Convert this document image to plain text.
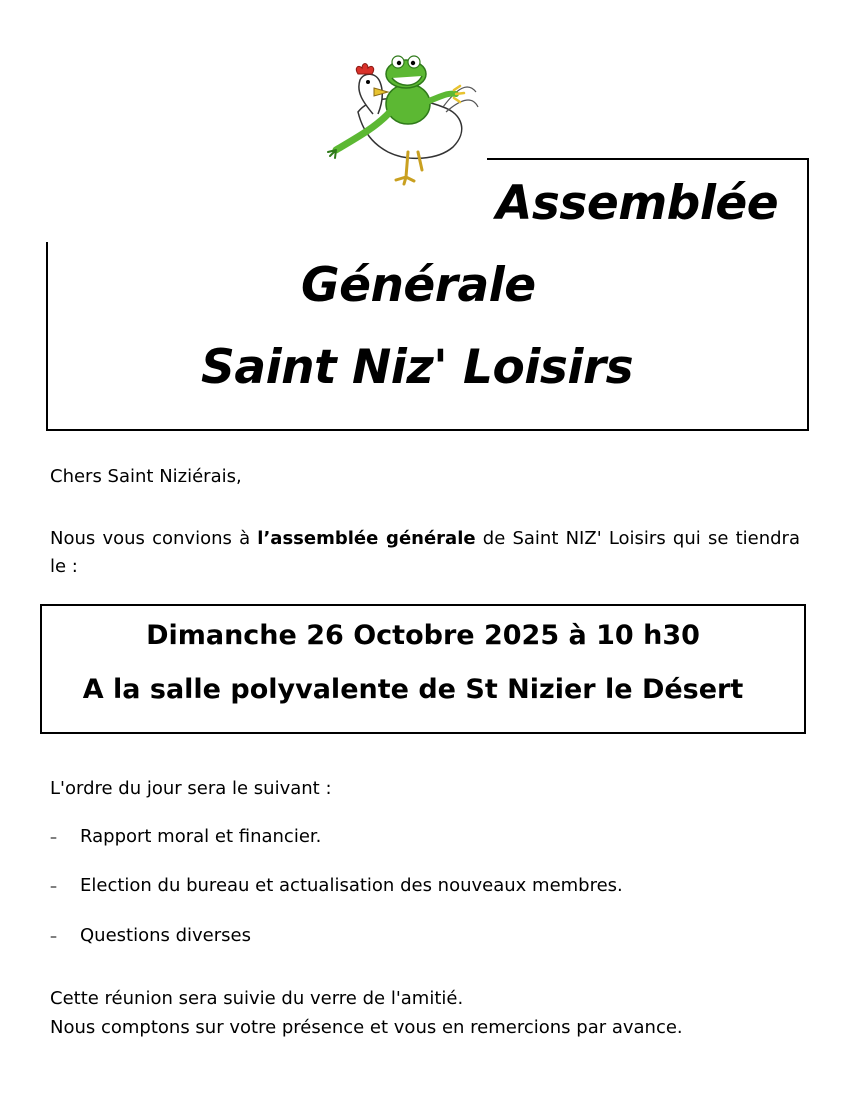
Assemblée
Générale
Saint Niz' Loisirs
Chers Saint Niziérais,
Nous vous convions à l’assemblée générale de Saint NIZ' Loisirs qui se tiendra le :
Dimanche 26 Octobre 2025 à 10 h30
A la salle polyvalente de St Nizier le Désert
L'ordre du jour sera le suivant :
– Rapport moral et financier.
– Election du bureau et actualisation des nouveaux membres.
– Questions diverses
Cette réunion sera suivie du verre de l'amitié.
Nous comptons sur votre présence et vous en remercions par avance.
